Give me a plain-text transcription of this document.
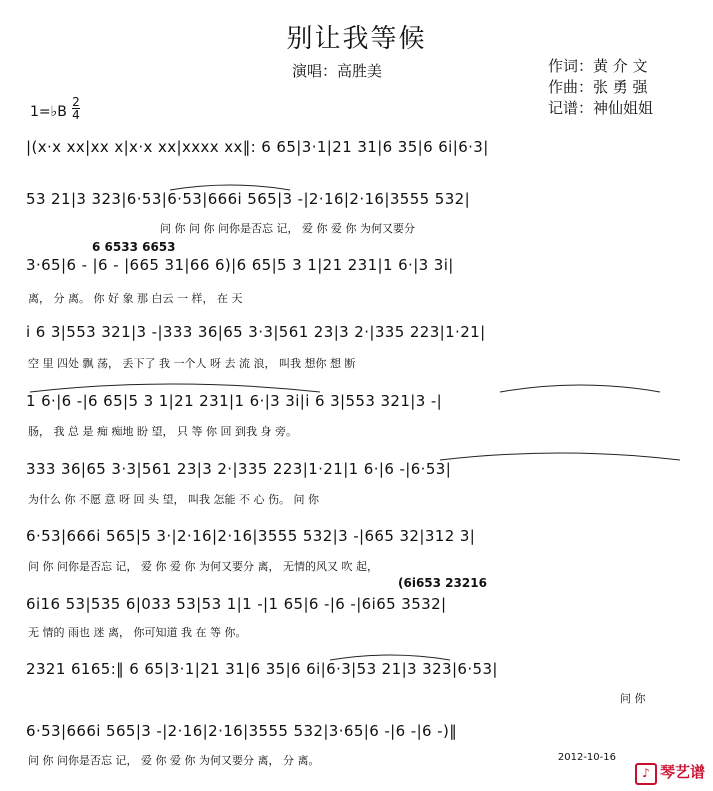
别让我等候
演唱：高胜美	作词：黄 介 文
作曲：张 勇 强
记谱：神仙姐姐
1=♭B
2
4
|(x·x xx|xx x|x·x xx|xxxx xx‖: 6 65|3·1|21 31|6 35|6 6i|6·3|
53 21|3 323|6·53|6·53|666i 565|3 -|2·16|2·16|3555 532|
问 你 问 你 问你是否忘 记， 爱 你 爱 你 为何又要分
6 6533 6653
3·65|6 - |6 - |665 31|66 6)|6 65|5 3 1|21 231|1 6·|3 3i|
离， 分 离。 你 好 象 那 白云 一 样， 在 天
i 6 3|553 321|3 -|333 36|65 3·3|561 23|3 2·|335 223|1·21|
空 里 四处 飘 荡， 丢下了 我 一个人 呀 去 流 浪， 叫我 想你 想 断
1 6·|6 -|6 65|5 3 1|21 231|1 6·|3 3i|i 6 3|553 321|3 -|
肠， 我 总 是 痴 痴地 盼 望， 只 等 你 回 到我 身 旁。
333 36|65 3·3|561 23|3 2·|335 223|1·21|1 6·|6 -|6·53|
为什么 你 不愿 意 呀 回 头 望， 叫我 怎能 不 心 伤。 问 你
6·53|666i 565|5 3·|2·16|2·16|3555 532|3 -|665 32|312 3|
问 你 问你是否忘 记， 爱 你 爱 你 为何又要分 离， 无情的风又 吹 起，
(6i653 23216
6i16 53|535 6|033 53|53 1|1 -|1 65|6 -|6 -|6i65 3532|
无 情的 雨也 迷 离， 你可知道 我 在 等 你。
2321 6165:‖ 6 65|3·1|21 31|6 35|6 6i|6·3|53 21|3 323|6·53|
问 你
6·53|666i 565|3 -|2·16|2·16|3555 532|3·65|6 -|6 -|6 -)‖
问 你 问你是否忘 记， 爱 你 爱 你 为何又要分 离， 分 离。	2012-10-16
♪ 琴艺谱
